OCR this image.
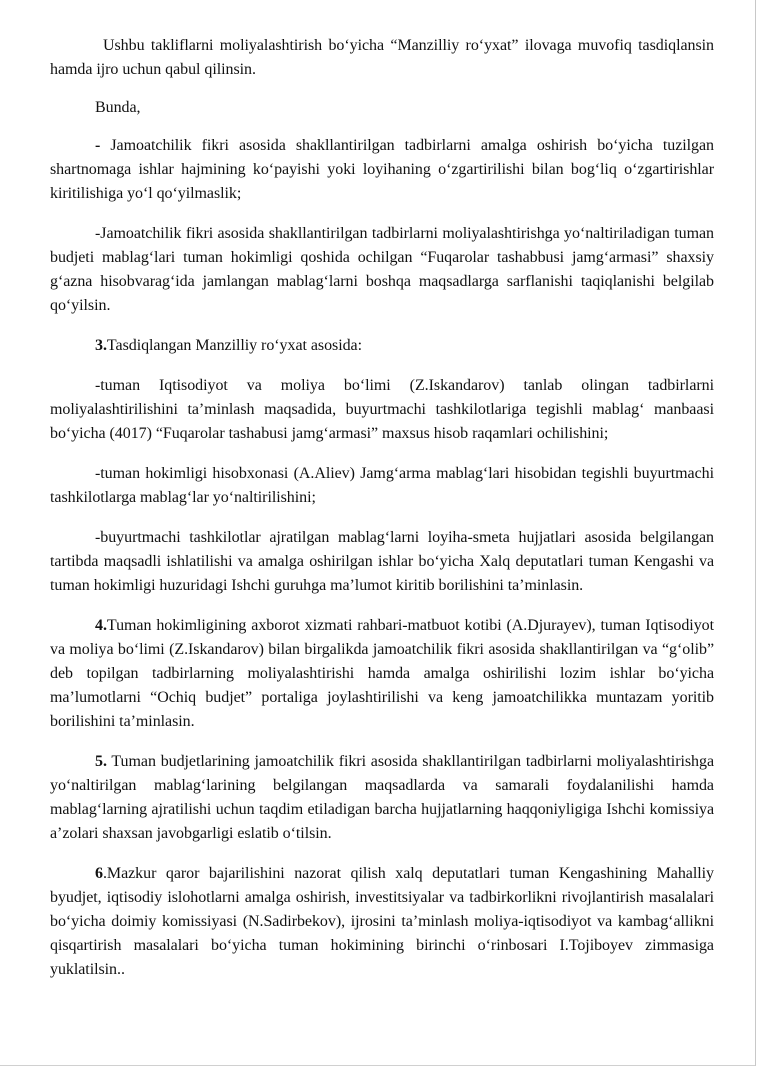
Ushbu takliflarni moliyalashtirish bo‘yicha “Manzilliy ro‘yxat” ilovaga muvofiq tasdiqlansin hamda ijro uchun qabul qilinsin.

Bunda,

- Jamoatchilik fikri asosida shakllantirilgan tadbirlarni amalga oshirish bo‘yicha tuzilgan shartnomaga ishlar hajmining ko‘payishi yoki loyihaning o‘zgartirilishi bilan bog‘liq o‘zgartirishlar kiritilishiga yo‘l qo‘yilmaslik;

-Jamoatchilik fikri asosida shakllantirilgan tadbirlarni moliyalashtirishga yo‘naltiriladigan tuman budjeti mablag‘lari tuman hokimligi qoshida ochilgan “Fuqarolar tashabbusi jamg‘armasi” shaxsiy g‘azna hisobvarag‘ida jamlangan mablag‘larni boshqa maqsadlarga sarflanishi taqiqlanishi belgilab qo‘yilsin.

3.Tasdiqlangan Manzilliy ro‘yxat asosida:

-tuman Iqtisodiyot va moliya bo‘limi (Z.Iskandarov) tanlab olingan tadbirlarni moliyalashtirilishini ta’minlash maqsadida, buyurtmachi tashkilotlariga tegishli mablag‘ manbaasi bo‘yicha (4017) “Fuqarolar tashabusi jamg‘armasi” maxsus hisob raqamlari ochilishini;

-tuman hokimligi hisobxonasi (A.Aliev) Jamg‘arma mablag‘lari hisobidan tegishli buyurtmachi tashkilotlarga mablag‘lar yo‘naltirilishini;

-buyurtmachi tashkilotlar ajratilgan mablag‘larni loyiha-smeta hujjatlari asosida belgilangan tartibda maqsadli ishlatilishi va amalga oshirilgan ishlar bo‘yicha Xalq deputatlari tuman Kengashi va tuman hokimligi huzuridagi Ishchi guruhga ma’lumot kiritib borilishini ta’minlasin.

4.Tuman hokimligining axborot xizmati rahbari-matbuot kotibi (A.Djurayev), tuman Iqtisodiyot va moliya bo‘limi (Z.Iskandarov) bilan birgalikda jamoatchilik fikri asosida shakllantirilgan va “g‘olib” deb topilgan tadbirlarning moliyalashtirishi hamda amalga oshirilishi lozim ishlar bo‘yicha ma’lumotlarni “Ochiq budjet” portaliga joylashtirilishi va keng jamoatchilikka muntazam yoritib borilishini ta’minlasin.

5. Tuman budjetlarining jamoatchilik fikri asosida shakllantirilgan tadbirlarni moliyalashtirishga yo‘naltirilgan mablag‘larining belgilangan maqsadlarda va samarali foydalanilishi hamda mablag‘larning ajratilishi uchun taqdim etiladigan barcha hujjatlarning haqqoniyligiga Ishchi komissiya a’zolari shaxsan javobgarligi eslatib o‘tilsin.

6.Mazkur qaror bajarilishini nazorat qilish xalq deputatlari tuman Kengashining Mahalliy byudjet, iqtisodiy islohotlarni amalga oshirish, investitsiyalar va tadbirkorlikni rivojlantirish masalalari bo‘yicha doimiy komissiyasi (N.Sadirbekov), ijrosini ta’minlash moliya-iqtisodiyot va kambag‘allikni qisqartirish masalalari bo‘yicha tuman hokimining birinchi o‘rinbosari I.Tojiboyev zimmasiga yuklatilsin..
